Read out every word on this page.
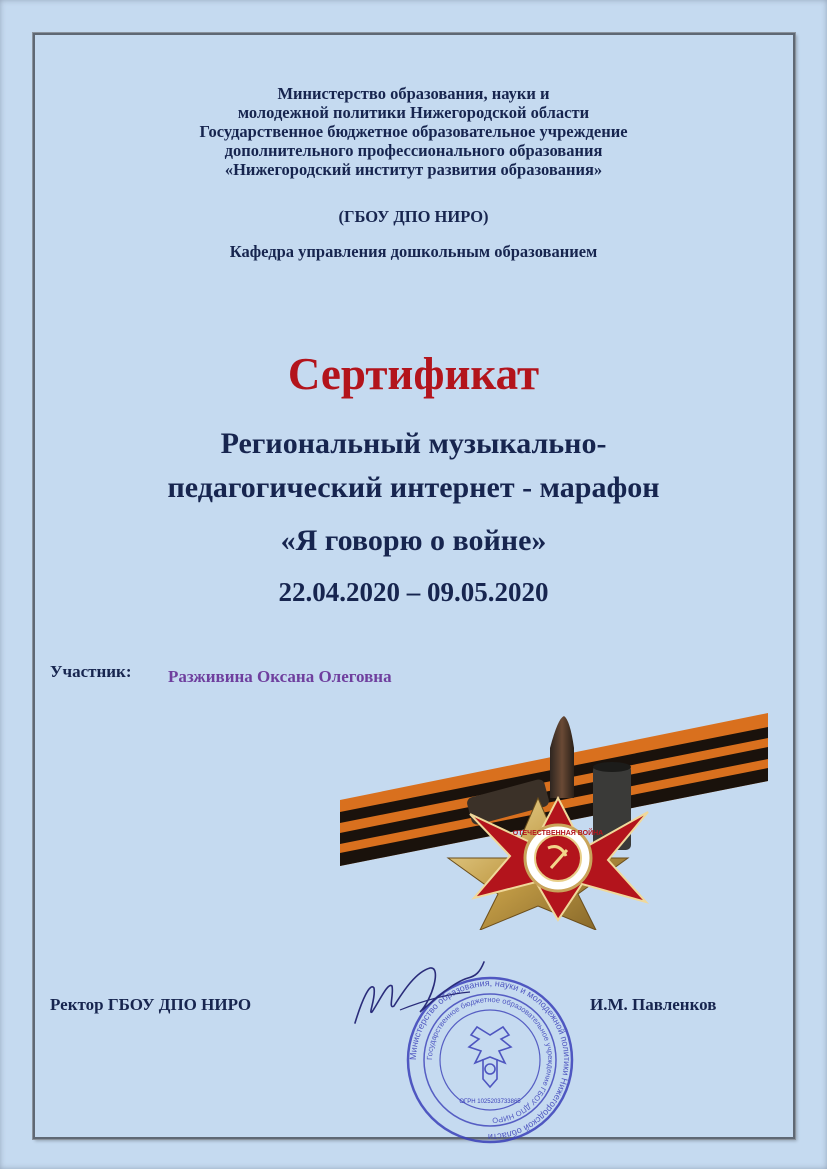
Министерство образования, науки и
молодежной политики Нижегородской области
Государственное бюджетное образовательное учреждение
дополнительного профессионального образования
«Нижегородский институт развития образования»
(ГБОУ ДПО НИРО)
Кафедра управления дошкольным образованием
Сертификат
Региональный музыкально-
педагогический интернет - марафон
«Я говорю о войне»
22.04.2020 – 09.05.2020
Участник: Разживина Оксана Олеговна
ОТЕЧЕСТВЕННАЯ ВОЙНА
Ректор ГБОУ ДПО НИРО	И.М. Павленков
Министерство образования, науки и молодежной политики Нижегородской области
Государственное бюджетное образовательное учреждение ГБОУ ДПО НИРО
ОГРН 1025203733865
